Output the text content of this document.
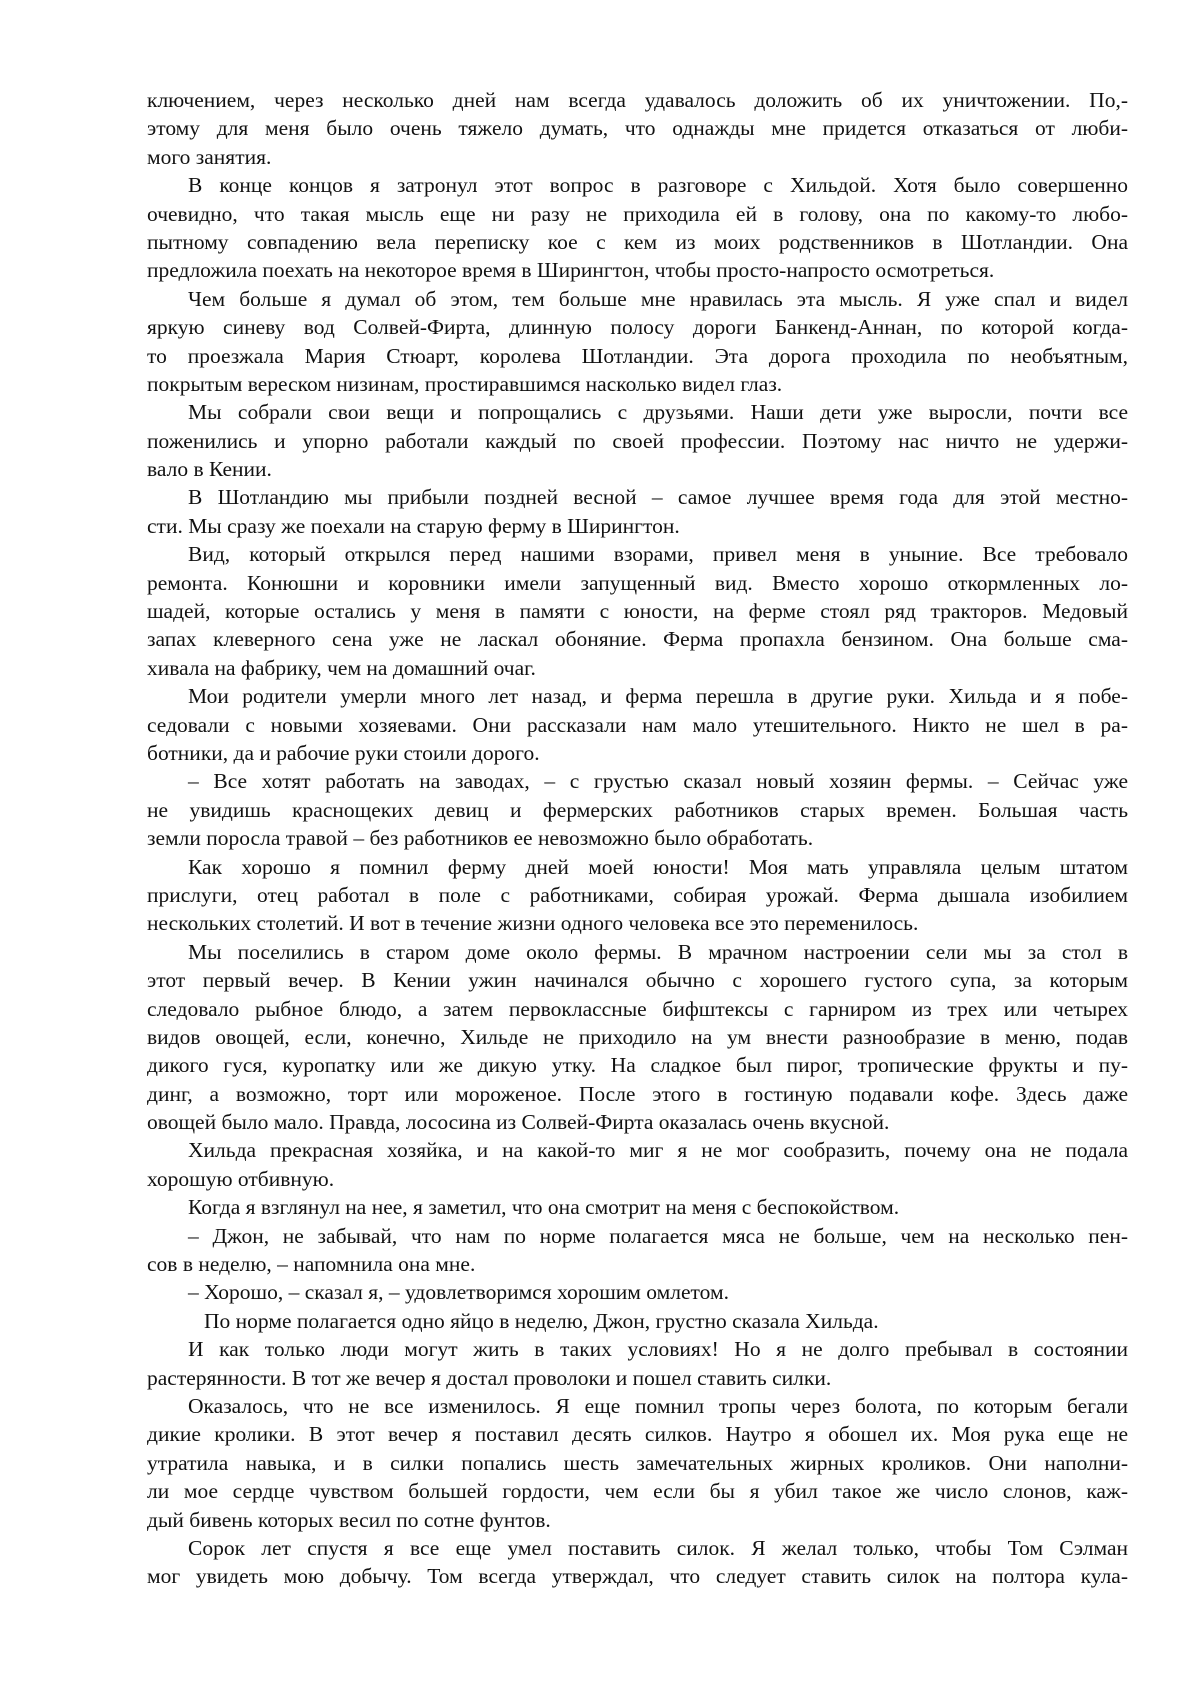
ключением, через несколько дней нам всегда удавалось доложить об их уничтожении. По,-
этому для меня было очень тяжело думать, что однажды мне придется отказаться от люби-
мого занятия.
В конце концов я затронул этот вопрос в разговоре с Хильдой. Хотя было совершенно
очевидно, что такая мысль еще ни разу не приходила ей в голову, она по какому-то любо-
пытному совпадению вела переписку кое с кем из моих родственников в Шотландии. Она
предложила поехать на некоторое время в Ширингтон, чтобы просто-напросто осмотреться.
Чем больше я думал об этом, тем больше мне нравилась эта мысль. Я уже спал и видел
яркую синеву вод Солвей-Фирта, длинную полосу дороги Банкенд-Аннан, по которой когда-
то проезжала Мария Стюарт, королева Шотландии. Эта дорога проходила по необъятным,
покрытым вереском низинам, простиравшимся насколько видел глаз.
Мы собрали свои вещи и попрощались с друзьями. Наши дети уже выросли, почти все
поженились и упорно работали каждый по своей профессии. Поэтому нас ничто не удержи-
вало в Кении.
В Шотландию мы прибыли поздней весной – самое лучшее время года для этой местно-
сти. Мы сразу же поехали на старую ферму в Ширингтон.
Вид, который открылся перед нашими взорами, привел меня в уныние. Все требовало
ремонта. Конюшни и коровники имели запущенный вид. Вместо хорошо откормленных ло-
шадей, которые остались у меня в памяти с юности, на ферме стоял ряд тракторов. Медовый
запах клеверного сена уже не ласкал обоняние. Ферма пропахла бензином. Она больше сма-
хивала на фабрику, чем на домашний очаг.
Мои родители умерли много лет назад, и ферма перешла в другие руки. Хильда и я побе-
седовали с новыми хозяевами. Они рассказали нам мало утешительного. Никто не шел в ра-
ботники, да и рабочие руки стоили дорого.
– Все хотят работать на заводах, – с грустью сказал новый хозяин фермы. – Сейчас уже
не увидишь краснощеких девиц и фермерских работников старых времен. Большая часть
земли поросла травой – без работников ее невозможно было обработать.
Как хорошо я помнил ферму дней моей юности! Моя мать управляла целым штатом
прислуги, отец работал в поле с работниками, собирая урожай. Ферма дышала изобилием
нескольких столетий. И вот в течение жизни одного человека все это переменилось.
Мы поселились в старом доме около фермы. В мрачном настроении сели мы за стол в
этот первый вечер. В Кении ужин начинался обычно с хорошего густого супа, за которым
следовало рыбное блюдо, а затем первоклассные бифштексы с гарниром из трех или четырех
видов овощей, если, конечно, Хильде не приходило на ум внести разнообразие в меню, подав
дикого гуся, куропатку или же дикую утку. На сладкое был пирог, тропические фрукты и пу-
динг, а возможно, торт или мороженое. После этого в гостиную подавали кофе. Здесь даже
овощей было мало. Правда, лососина из Солвей-Фирта оказалась очень вкусной.
Хильда прекрасная хозяйка, и на какой-то миг я не мог сообразить, почему она не подала
хорошую отбивную.
Когда я взглянул на нее, я заметил, что она смотрит на меня с беспокойством.
– Джон, не забывай, что нам по норме полагается мяса не больше, чем на несколько пен-
сов в неделю, – напомнила она мне.
– Хорошо, – сказал я, – удовлетворимся хорошим омлетом.
По норме полагается одно яйцо в неделю, Джон, грустно сказала Хильда.
И как только люди могут жить в таких условиях! Но я не долго пребывал в состоянии
растерянности. В тот же вечер я достал проволоки и пошел ставить силки.
Оказалось, что не все изменилось. Я еще помнил тропы через болота, по которым бегали
дикие кролики. В этот вечер я поставил десять силков. Наутро я обошел их. Моя рука еще не
утратила навыка, и в силки попались шесть замечательных жирных кроликов. Они наполни-
ли мое сердце чувством большей гордости, чем если бы я убил такое же число слонов, каж-
дый бивень которых весил по сотне фунтов.
Сорок лет спустя я все еще умел поставить силок. Я желал только, чтобы Том Сэлман
мог увидеть мою добычу. Том всегда утверждал, что следует ставить силок на полтора кула-
